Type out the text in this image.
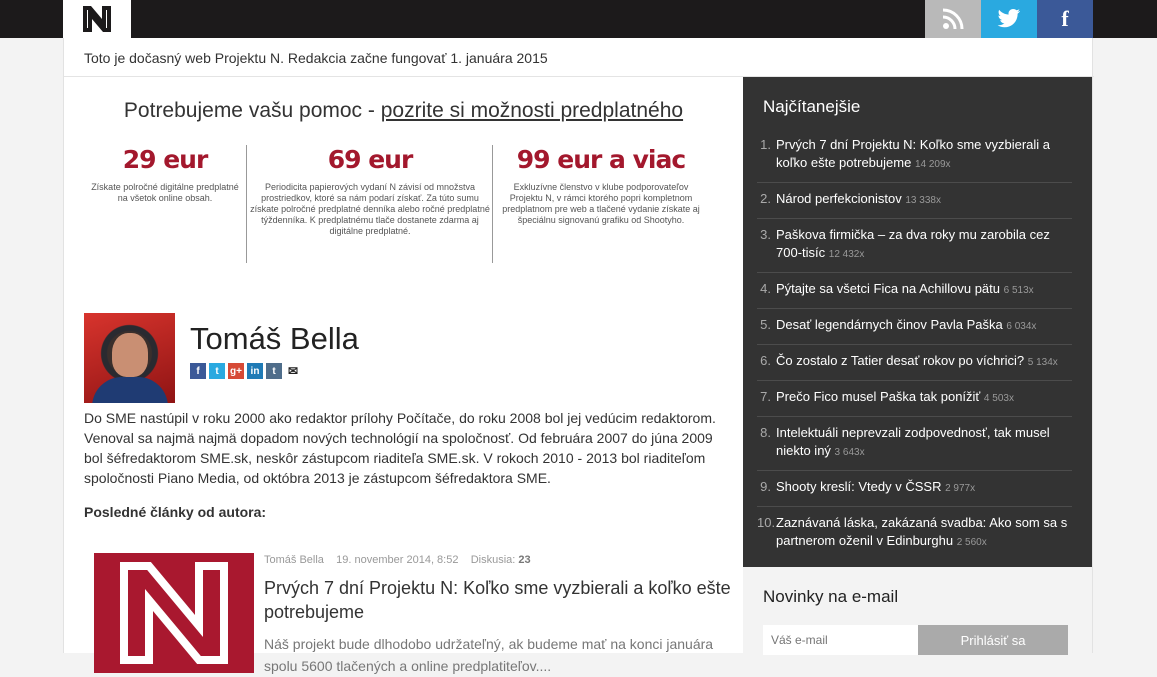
f
Toto je dočasný web Projektu N. Redakcia začne fungovať 1. januára 2015
Potrebujeme vašu pomoc - pozrite si možnosti predplatného
29 eur
Získate polročné digitálne predplatné na všetok online obsah.
69 eur
Periodicita papierových vydaní N závisí od množstva prostriedkov, ktoré sa nám podarí získať. Za túto sumu získate polročné predplatné denníka alebo ročné predplatné týždenníka. K predplatnému tlače dostanete zdarma aj digitálne predplatné.
99 eur a viac
Exkluzívne členstvo v klube podporovateľov Projektu N, v rámci ktorého popri kompletnom predplatnom pre web a tlačené vydanie získate aj špeciálnu signovanú grafiku od Shootyho.
Tomáš Bella
f	t	g+ in	t	✉
Do SME nastúpil v roku 2000 ako redaktor prílohy Počítače, do roku 2008 bol jej vedúcim redaktorom. Venoval sa najmä najmä dopadom nových technológií na spoločnosť. Od februára 2007 do júna 2009 bol šéfredaktorom SME.sk, neskôr zástupcom riaditeľa SME.sk. V rokoch 2010 - 2013 bol riaditeľom spoločnosti Piano Media, od októbra 2013 je zástupcom šéfredaktora SME.
Posledné články od autora:
Tomáš Bella 19. november 2014, 8:52 Diskusia: 23
Prvých 7 dní Projektu N: Koľko sme vyzbierali a koľko ešte potrebujeme
Náš projekt bude dlhodobo udržateľný, ak budeme mať na konci januára spolu 5600 tlačených a online predplatiteľov....
Najčítanejšie
1. Prvých 7 dní Projektu N: Koľko sme vyzbierali a koľko ešte potrebujeme 14 209x
2. Národ perfekcionistov 13 338x
3. Paškova firmička – za dva roky mu zarobila cez 700-tisíc 12 432x
4. Pýtajte sa všetci Fica na Achillovu pätu 6 513x
5. Desať legendárnych činov Pavla Paška 6 034x
6. Čo zostalo z Tatier desať rokov po víchrici? 5 134x
7. Prečo Fico musel Paška tak ponížiť 4 503x
8. Intelektuáli neprevzali zodpovednosť, tak musel niekto iný 3 643x
9. Shooty kreslí: Vtedy v ČSSR 2 977x
10. Zaznávaná láska, zakázaná svadba: Ako som sa s partnerom oženil v Edinburghu 2 560x
Novinky na e-mail
Váš e-mail
Prihlásiť sa
